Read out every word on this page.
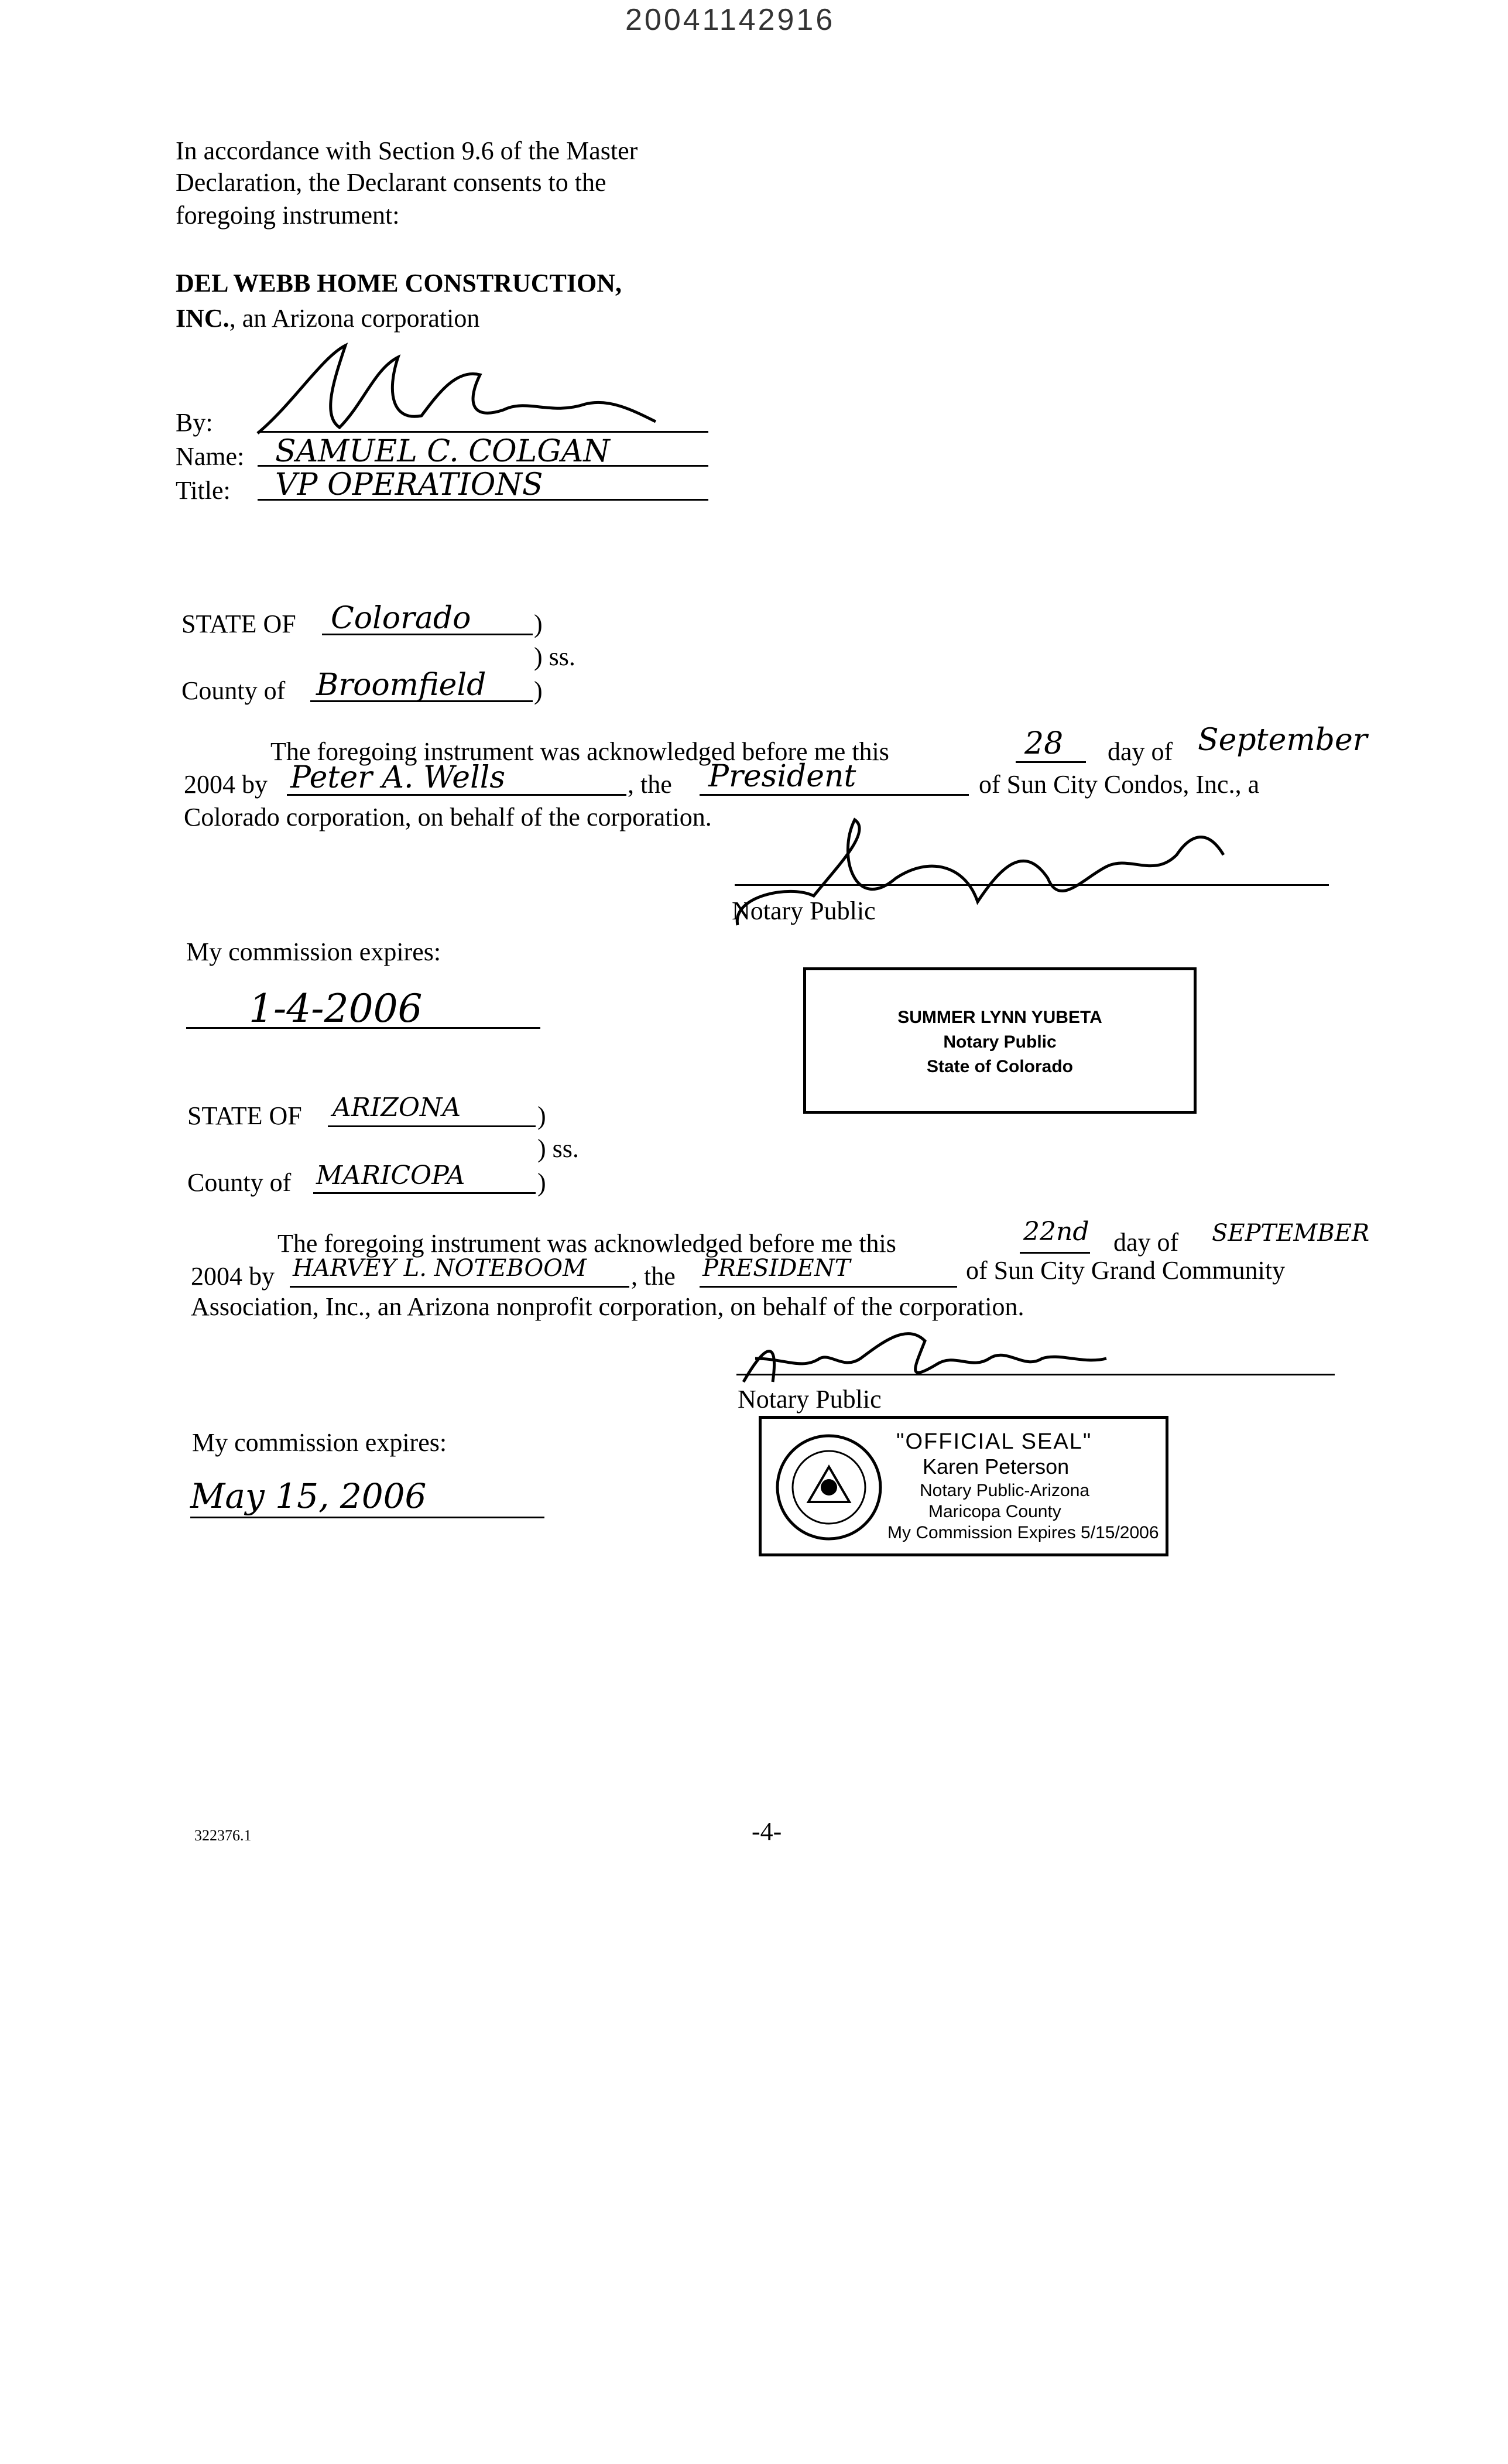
20041142916
In accordance with Section 9.6 of the Master
Declaration, the Declarant consents to the
foregoing instrument:
DEL WEBB HOME CONSTRUCTION,
INC., an Arizona corporation
By:
Name: SAMUEL C. COLGAN
Title: VP OPERATIONS
STATE OF Colorado )
) ss.
County of Broomfield )
The foregoing instrument was acknowledged before me this	28 day of September
2004 by Peter A. Wells	, the President	of Sun City Condos, Inc., a
Colorado corporation, on behalf of the corporation.
Notary Public
My commission expires:
1-4-2006	SUMMER LYNN YUBETA
Notary Public
State of Colorado
STATE OF ARIZONA	)
) ss.
County of MARICOPA	)
The foregoing instrument was acknowledged before me this	22nd day of SEPTEMBER
2004 by HARVEY L. NOTEBOOM , the PRESIDENT	of Sun City Grand Community
Association, Inc., an Arizona nonprofit corporation, on behalf of the corporation.
Notary Public
My commission expires:
May 15, 2006
"OFFICIAL SEAL"
Karen Peterson
Notary Public-Arizona
Maricopa County
My Commission Expires 5/15/2006
322376.1	-4-
